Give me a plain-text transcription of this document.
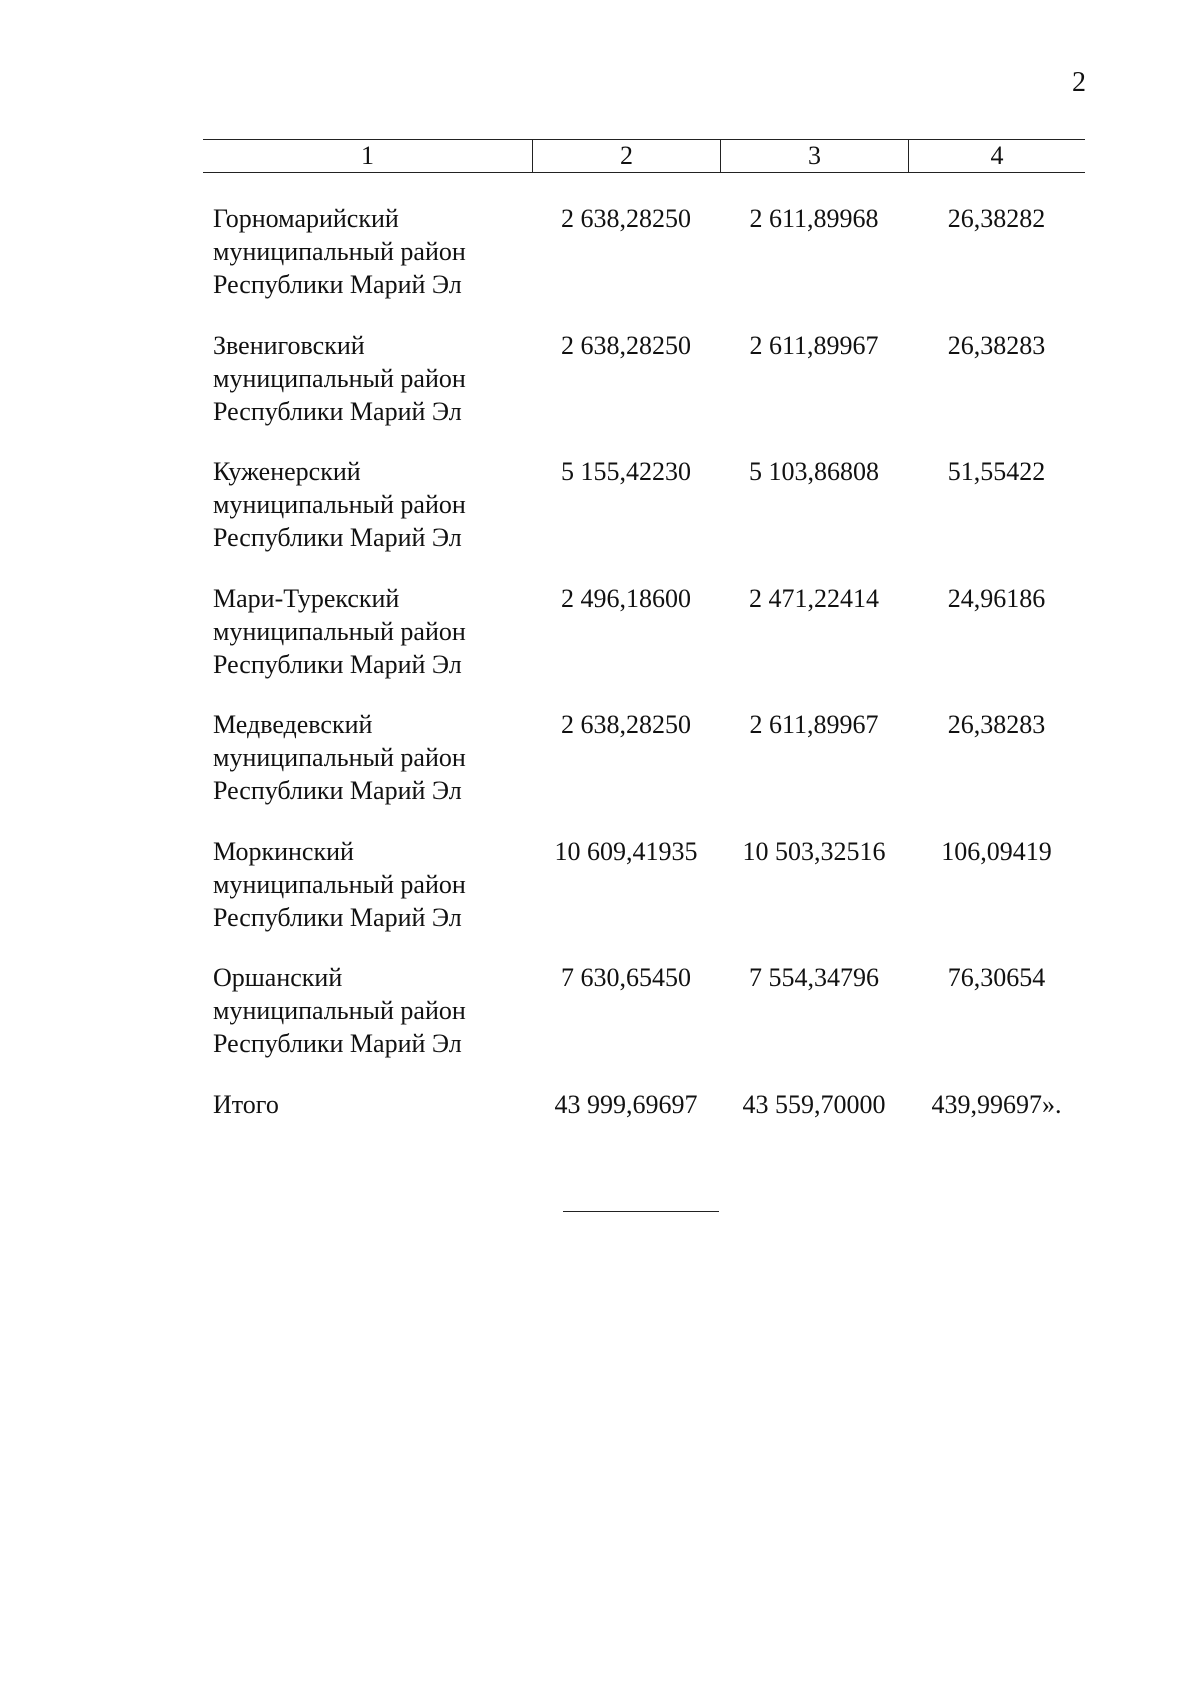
2
1	2	3	4
Горномарийский
муниципальный район
Республики Марий Эл
2 638,28250	2 611,89968	26,38282
Звениговский
муниципальный район
Республики Марий Эл
2 638,28250	2 611,89967	26,38283
Куженерский
муниципальный район
Республики Марий Эл
5 155,42230	5 103,86808	51,55422
Мари-Турекский
муниципальный район
Республики Марий Эл
2 496,18600	2 471,22414	24,96186
Медведевский
муниципальный район
Республики Марий Эл
2 638,28250	2 611,89967	26,38283
Моркинский
муниципальный район
Республики Марий Эл
10 609,41935	10 503,32516	106,09419
Оршанский
муниципальный район
Республики Марий Эл
7 630,65450	7 554,34796	76,30654
Итого	43 999,69697	43 559,70000	439,99697».
